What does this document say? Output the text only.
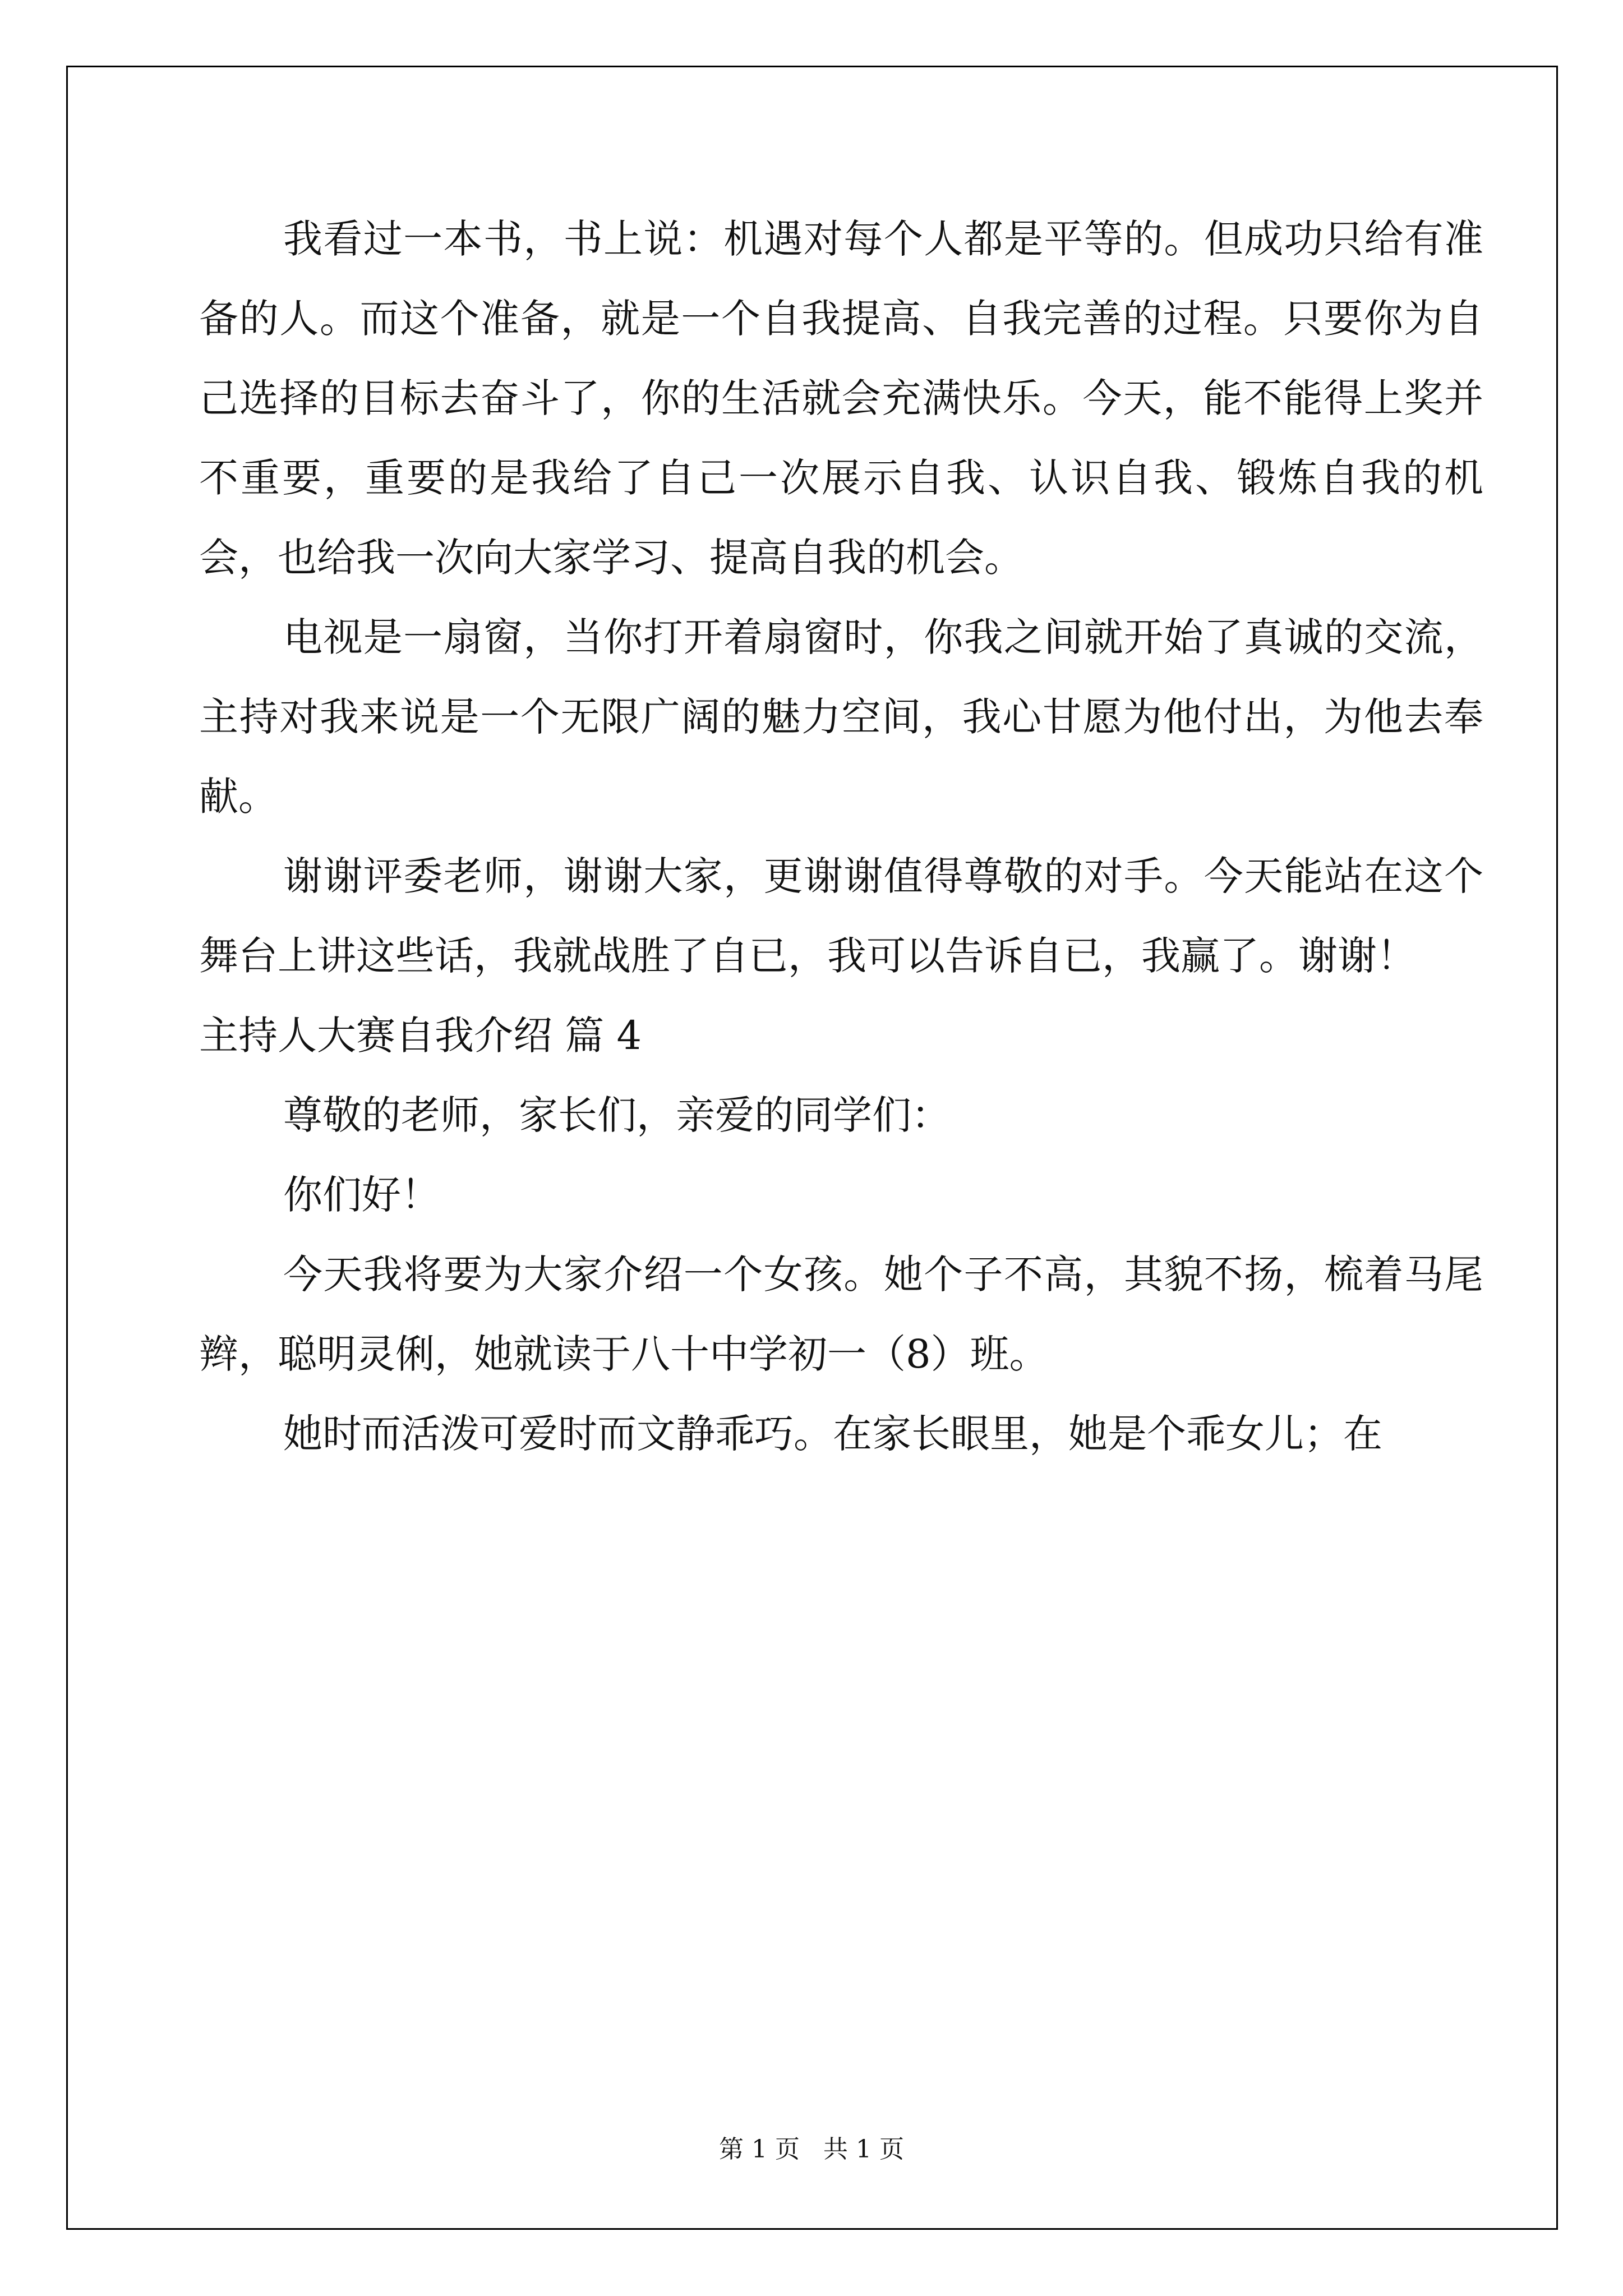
我看过一本书，书上说：机遇对每个人都是平等的。但成功只给有准备的人。而这个准备，就是一个自我提高、自我完善的过程。只要你为自己选择的目标去奋斗了，你的生活就会充满快乐。今天，能不能得上奖并不重要，重要的是我给了自己一次展示自我、认识自我、锻炼自我的机会，也给我一次向大家学习、提高自我的机会。

电视是一扇窗，当你打开着扇窗时，你我之间就开始了真诚的交流，主持对我来说是一个无限广阔的魅力空间，我心甘愿为他付出，为他去奉献。

谢谢评委老师，谢谢大家，更谢谢值得尊敬的对手。今天能站在这个舞台上讲这些话，我就战胜了自已，我可以告诉自已，我赢了。谢谢！

主持人大赛自我介绍 篇 4

尊敬的老师，家长们，亲爱的同学们：

你们好！

今天我将要为大家介绍一个女孩。她个子不高，其貌不扬，梳着马尾辫，聪明灵俐，她就读于八十中学初一（8）班。

她时而活泼可爱时而文静乖巧。在家长眼里，她是个乖女儿；在

第 1 页   共 1 页
